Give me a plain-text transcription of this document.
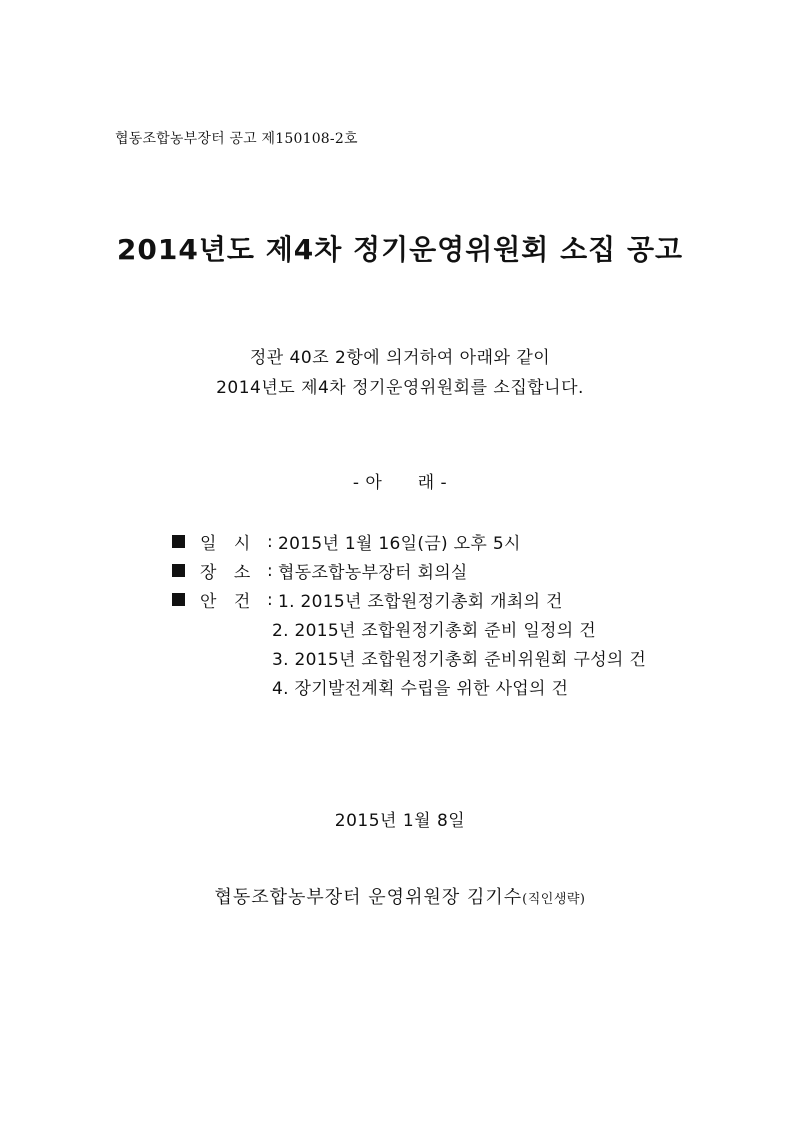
협동조합농부장터 공고 제150108-2호
2014년도 제4차 정기운영위원회 소집 공고
정관 40조 2항에 의거하여 아래와 같이
2014년도 제4차 정기운영위원회를 소집합니다.
- 아      래 -
일   시 : 2015년 1월 16일(금) 오후 5시
장   소 : 협동조합농부장터 회의실
안   건 : 1. 2015년 조합원정기총회 개최의 건
2. 2015년 조합원정기총회 준비 일정의 건
3. 2015년 조합원정기총회 준비위원회 구성의 건
4. 장기발전계획 수립을 위한 사업의 건
2015년 1월 8일
협동조합농부장터 운영위원장 김기수(직인생략)
